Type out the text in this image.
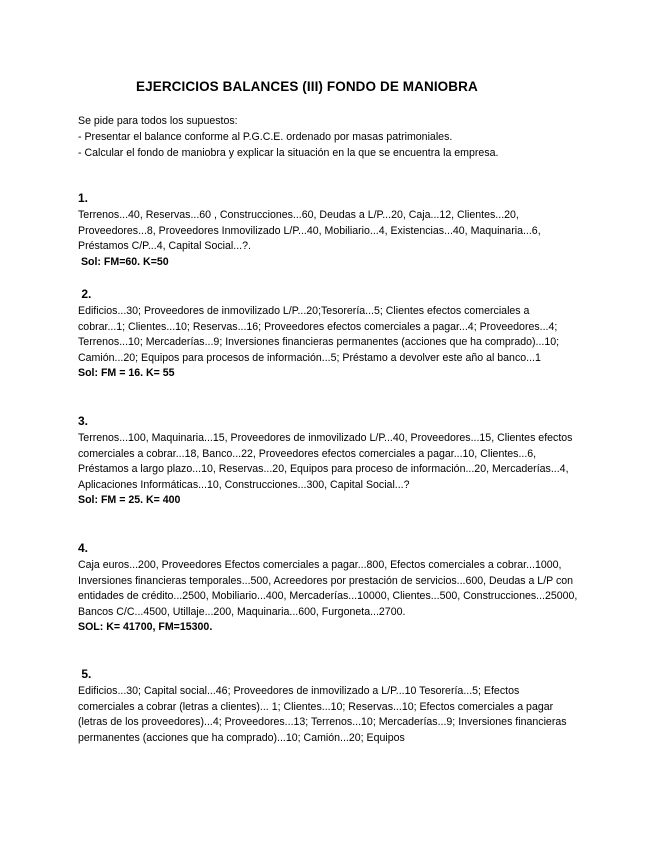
EJERCICIOS BALANCES (III) FONDO DE MANIOBRA
Se pide para todos los supuestos:
- Presentar el balance conforme al P.G.C.E. ordenado por masas patrimoniales.
- Calcular el fondo de maniobra y explicar la situación en la que se encuentra la empresa.
1.
Terrenos...40, Reservas...60 , Construcciones...60, Deudas a L/P...20, Caja...12, Clientes...20, Proveedores...8, Proveedores Inmovilizado L/P...40, Mobiliario...4, Existencias...40, Maquinaria...6, Préstamos C/P...4, Capital Social...?.
Sol: FM=60. K=50
2.
Edificios...30; Proveedores de inmovilizado L/P...20;Tesorería...5; Clientes efectos comerciales a cobrar...1; Clientes...10; Reservas...16; Proveedores efectos comerciales a pagar...4; Proveedores...4; Terrenos...10; Mercaderías...9; Inversiones financieras permanentes (acciones que ha comprado)...10; Camión...20; Equipos para procesos de información...5; Préstamo a devolver este año al banco...1
Sol: FM = 16. K= 55
3.
Terrenos...100, Maquinaria...15, Proveedores de inmovilizado L/P...40, Proveedores...15, Clientes efectos comerciales a cobrar...18, Banco...22, Proveedores efectos comerciales a pagar...10, Clientes...6, Préstamos a largo plazo...10, Reservas...20, Equipos para proceso de información...20, Mercaderías...4, Aplicaciones Informáticas...10, Construcciones...300, Capital Social...?
Sol: FM = 25. K= 400
4.
Caja euros...200, Proveedores Efectos comerciales a pagar...800, Efectos comerciales a cobrar...1000, Inversiones financieras temporales...500, Acreedores por prestación de servicios...600, Deudas a L/P con entidades de crédito...2500, Mobiliario...400, Mercaderías...10000, Clientes...500, Construcciones...25000, Bancos C/C...4500, Utillaje...200, Maquinaria...600, Furgoneta...2700.
SOL: K= 41700, FM=15300.
5.
Edificios...30; Capital social...46; Proveedores de inmovilizado a L/P...10 Tesorería...5; Efectos comerciales a cobrar (letras a clientes)... 1; Clientes...10; Reservas...10; Efectos comerciales a pagar (letras de los proveedores)...4; Proveedores...13; Terrenos...10; Mercaderías...9; Inversiones financieras permanentes (acciones que ha comprado)...10; Camión...20; Equipos
